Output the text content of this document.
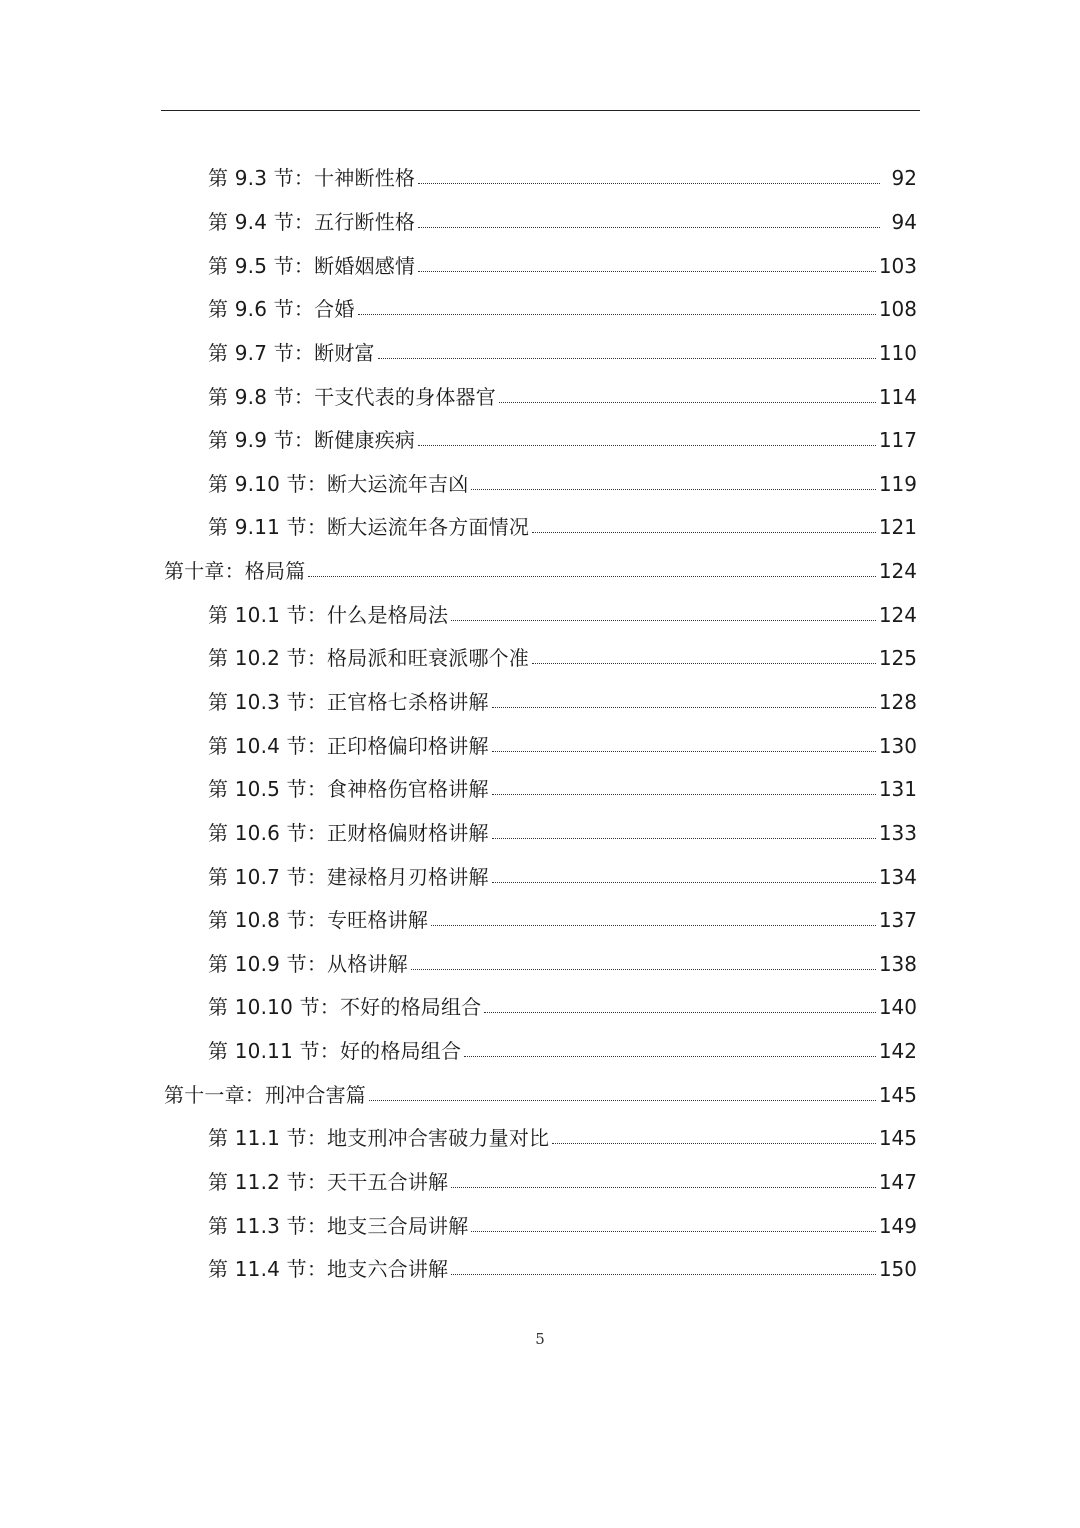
第 9.3 节：十神断性格	92
第 9.4 节：五行断性格	94
第 9.5 节：断婚姻感情	103
第 9.6 节：合婚	108
第 9.7 节：断财富	110
第 9.8 节：干支代表的身体器官	114
第 9.9 节：断健康疾病	117
第 9.10 节：断大运流年吉凶	119
第 9.11 节：断大运流年各方面情况	121
第十章：格局篇	124
第 10.1 节：什么是格局法	124
第 10.2 节：格局派和旺衰派哪个准	125
第 10.3 节：正官格七杀格讲解	128
第 10.4 节：正印格偏印格讲解	130
第 10.5 节：食神格伤官格讲解	131
第 10.6 节：正财格偏财格讲解	133
第 10.7 节：建禄格月刃格讲解	134
第 10.8 节：专旺格讲解	137
第 10.9 节：从格讲解	138
第 10.10 节：不好的格局组合	140
第 10.11 节：好的格局组合	142
第十一章：刑冲合害篇	145
第 11.1 节：地支刑冲合害破力量对比	145
第 11.2 节：天干五合讲解	147
第 11.3 节：地支三合局讲解	149
第 11.4 节：地支六合讲解	150
5
